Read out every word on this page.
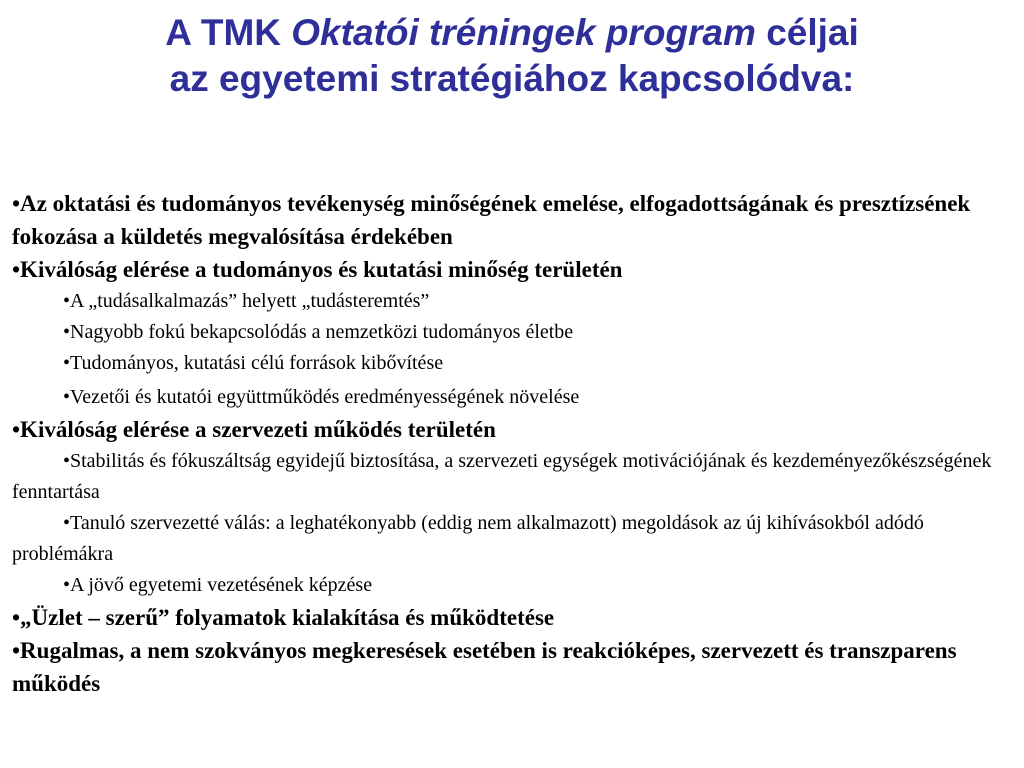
A TMK Oktatói tréningek program céljai
az egyetemi stratégiához kapcsolódva:

•Az oktatási és tudományos tevékenység minőségének emelése, elfogadottságának és presztízsének fokozása a küldetés megvalósítása érdekében

•Kiválóság elérése a tudományos és kutatási minőség területén

•A „tudásalkalmazás” helyett „tudásteremtés”

•Nagyobb fokú bekapcsolódás a nemzetközi tudományos életbe

•Tudományos, kutatási célú források kibővítése

•Vezetői és kutatói együttműködés eredményességének növelése

•Kiválóság elérése a szervezeti működés területén

•Stabilitás és fókuszáltság egyidejű biztosítása, a szervezeti egységek motivációjának és kezdeményezőkészségének fenntartása

•Tanuló szervezetté válás: a leghatékonyabb (eddig nem alkalmazott) megoldások az új kihívásokból adódó problémákra

•A jövő egyetemi vezetésének képzése

•„Üzlet – szerű” folyamatok kialakítása és működtetése

•Rugalmas, a nem szokványos megkeresések esetében is reakcióképes, szervezett és transzparens működés
